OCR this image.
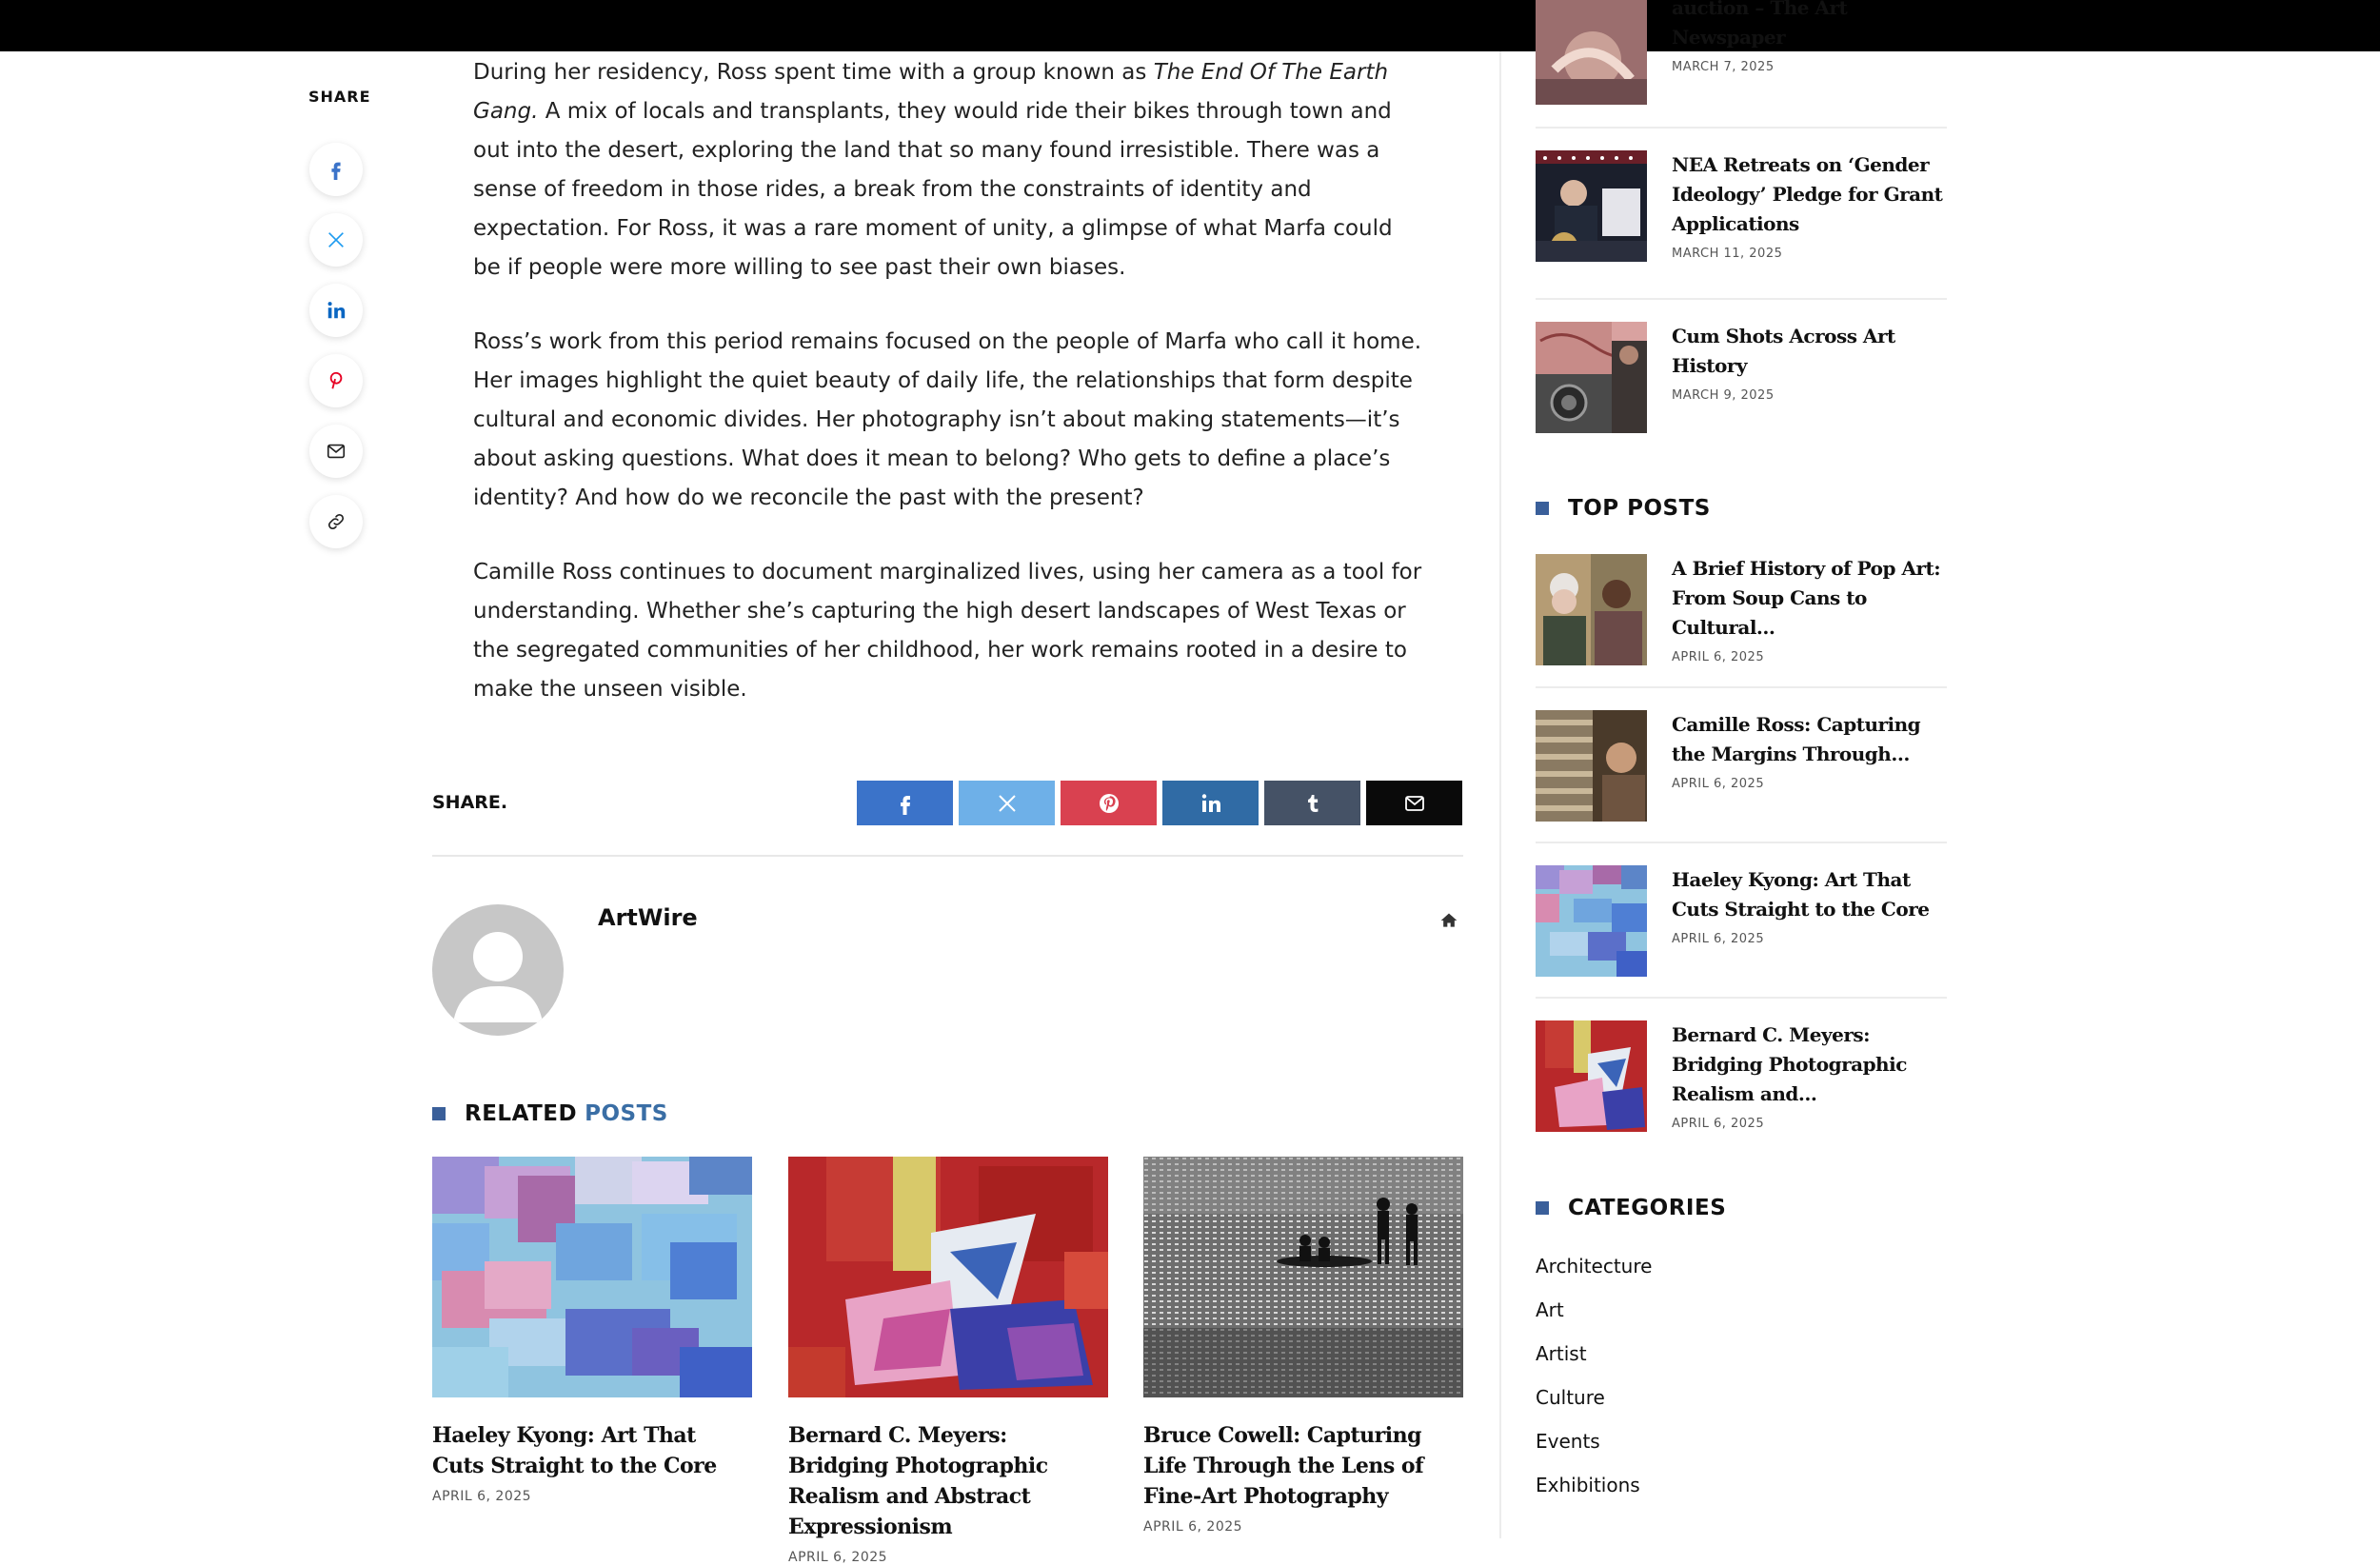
SHARE

During her residency, Ross spent time with a group known as The End Of The Earth Gang. A mix of locals and transplants, they would ride their bikes through town and out into the desert, exploring the land that so many found irresistible. There was a sense of freedom in those rides, a break from the constraints of identity and expectation. For Ross, it was a rare moment of unity, a glimpse of what Marfa could be if people were more willing to see past their own biases.

Ross’s work from this period remains focused on the people of Marfa who call it home. Her images highlight the quiet beauty of daily life, the relationships that form despite cultural and economic divides. Her photography isn’t about making statements—it’s about asking questions. What does it mean to belong? Who gets to define a place’s identity? And how do we reconcile the past with the present?

Camille Ross continues to document marginalized lives, using her camera as a tool for understanding. Whether she’s capturing the high desert landscapes of West Texas or the segregated communities of her childhood, her work remains rooted in a desire to make the unseen visible.

SHARE.
ArtWire
RELATED POSTS
Haeley Kyong: Art That Cuts Straight to the Core
APRIL 6, 2025
Bernard C. Meyers: Bridging Photographic Realism and Abstract Expressionism
APRIL 6, 2025
Bruce Cowell: Capturing Life Through the Lens of Fine-Art Photography
APRIL 6, 2025
auction – The Art Newspaper
MARCH 7, 2025
NEA Retreats on ‘Gender Ideology’ Pledge for Grant Applications
MARCH 11, 2025
Cum Shots Across Art History
MARCH 9, 2025
TOP POSTS
A Brief History of Pop Art: From Soup Cans to Cultural…
APRIL 6, 2025
Camille Ross: Capturing the Margins Through…
APRIL 6, 2025
Haeley Kyong: Art That Cuts Straight to the Core
APRIL 6, 2025
Bernard C. Meyers: Bridging Photographic Realism and…
APRIL 6, 2025
CATEGORIES
Architecture
Art
Artist
Culture
Events
Exhibitions
